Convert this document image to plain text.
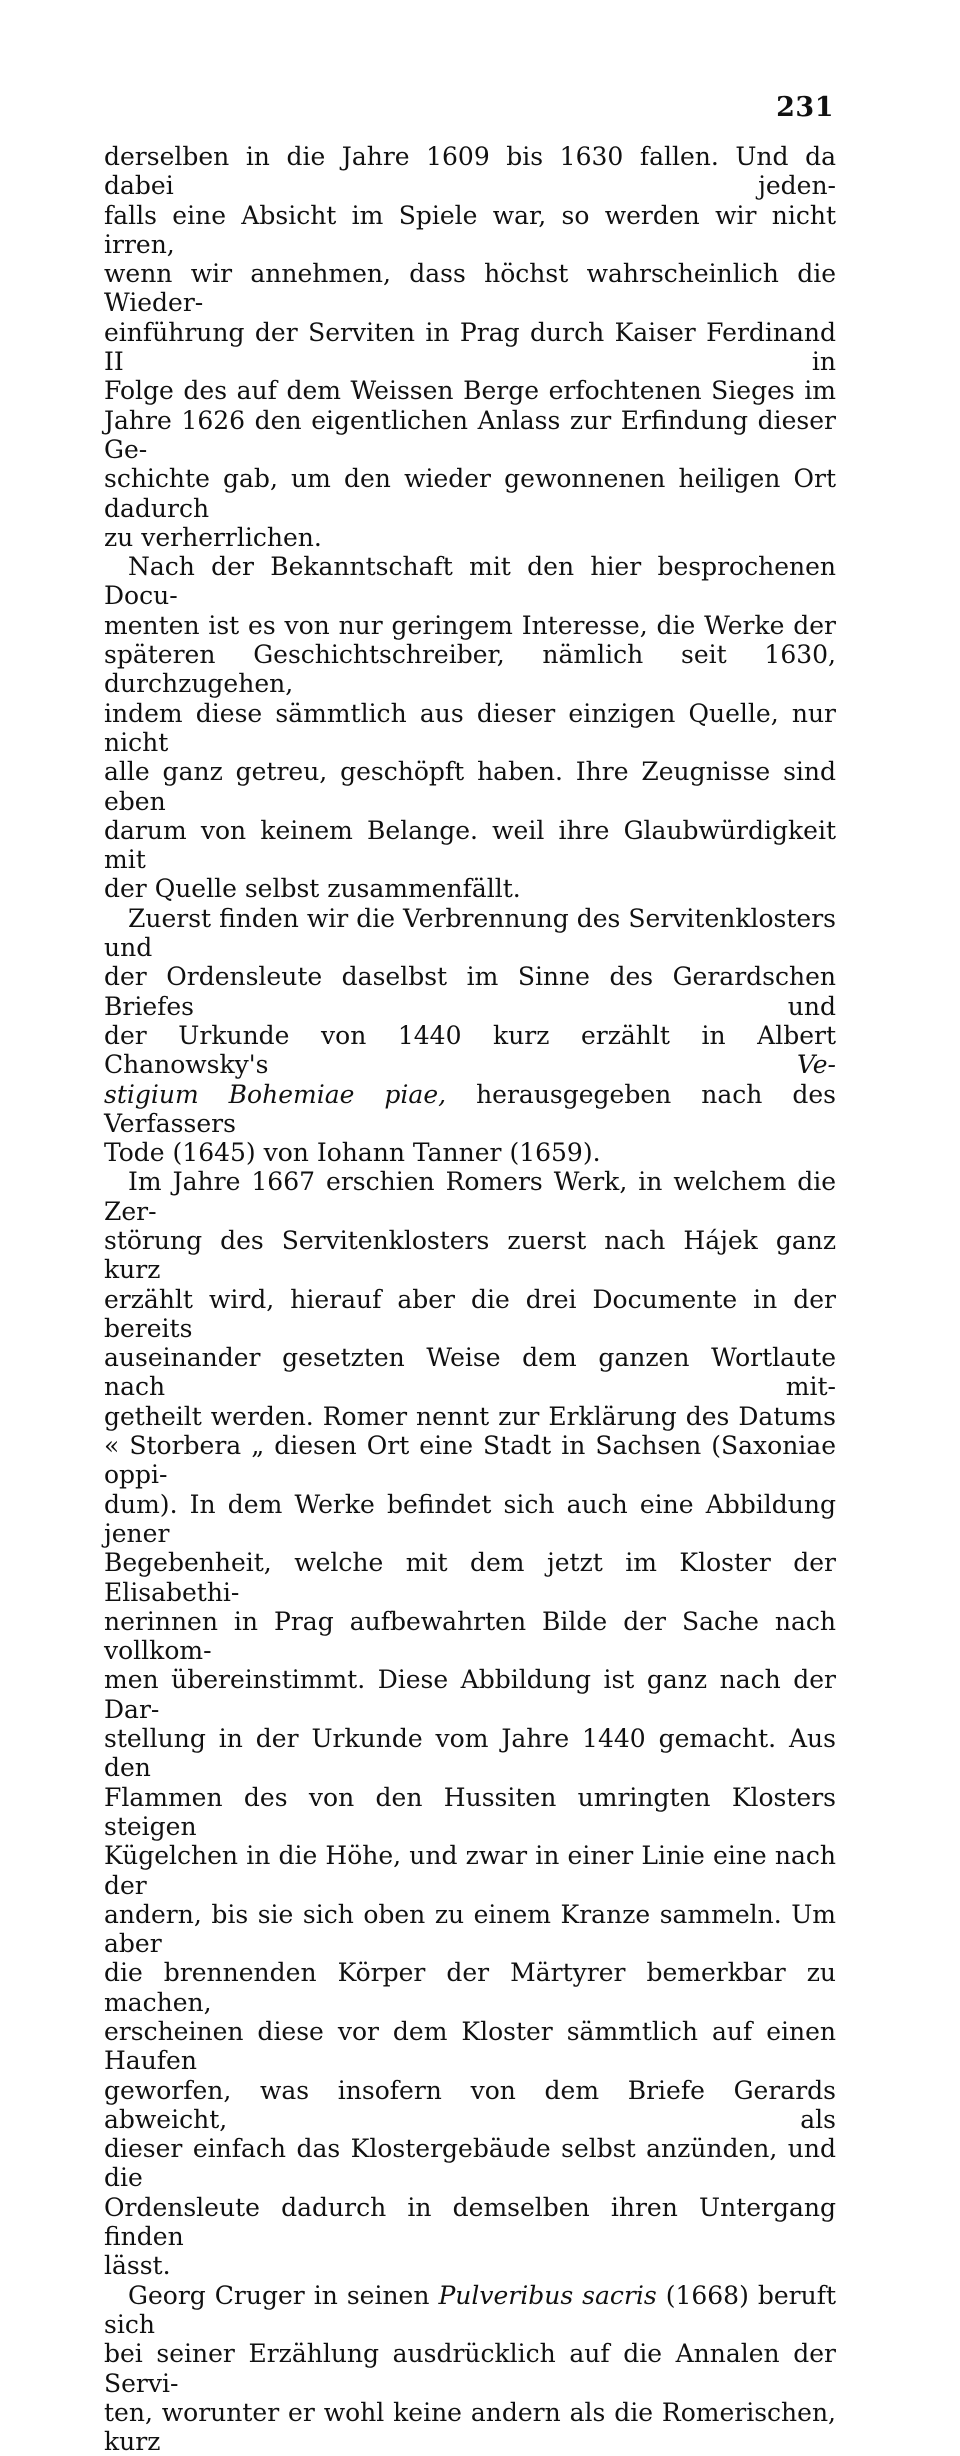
231

derselben in die Jahre 1609 bis 1630 fallen. Und da dabei jeden-

falls eine Absicht im Spiele war, so werden wir nicht irren,

wenn wir annehmen, dass höchst wahrscheinlich die Wieder-

einführung der Serviten in Prag durch Kaiser Ferdinand II in

Folge des auf dem Weissen Berge erfochtenen Sieges im

Jahre 1626 den eigentlichen Anlass zur Erfindung dieser Ge-

schichte gab, um den wieder gewonnenen heiligen Ort dadurch

zu verherrlichen.

Nach der Bekanntschaft mit den hier besprochenen Docu-

menten ist es von nur geringem Interesse, die Werke der

späteren Geschichtschreiber, nämlich seit 1630, durchzugehen,

indem diese sämmtlich aus dieser einzigen Quelle, nur nicht

alle ganz getreu, geschöpft haben. Ihre Zeugnisse sind eben

darum von keinem Belange. weil ihre Glaubwürdigkeit mit

der Quelle selbst zusammenfällt.

Zuerst finden wir die Verbrennung des Servitenklosters und

der Ordensleute daselbst im Sinne des Gerardschen Briefes und

der Urkunde von 1440 kurz erzählt in Albert Chanowsky's	Ve-

stigium Bohemiae piae, herausgegeben nach des Verfassers

Tode (1645) von Iohann Tanner (1659).

Im Jahre 1667 erschien Romers Werk, in welchem die Zer-

störung des Servitenklosters zuerst nach Hájek ganz kurz

erzählt wird, hierauf aber die drei Documente in der bereits

auseinander gesetzten Weise dem ganzen Wortlaute nach mit-

getheilt werden. Romer nennt zur Erklärung des Datums

« Storbera „ diesen Ort eine Stadt in Sachsen (Saxoniae oppi-

dum). In dem Werke befindet sich auch eine Abbildung jener

Begebenheit, welche mit dem jetzt im Kloster der Elisabethi-

nerinnen in Prag aufbewahrten Bilde der Sache nach vollkom-

men übereinstimmt. Diese Abbildung ist ganz nach der Dar-

stellung in der Urkunde vom Jahre 1440 gemacht. Aus den

Flammen des von den Hussiten umringten Klosters steigen

Kügelchen in die Höhe, und zwar in einer Linie eine nach der

andern, bis sie sich oben zu einem Kranze sammeln. Um aber

die brennenden Körper der Märtyrer bemerkbar zu machen,

erscheinen diese vor dem Kloster sämmtlich auf einen Haufen

geworfen, was insofern von dem Briefe Gerards abweicht, als

dieser einfach das Klostergebäude selbst anzünden, und die

Ordensleute dadurch in demselben ihren Untergang finden

lässt.

Georg Cruger in seinen Pulveribus sacris (1668) beruft sich

bei seiner Erzählung ausdrücklich auf die Annalen der Servi-

ten, worunter er wohl keine andern als die Romerischen, kurz
